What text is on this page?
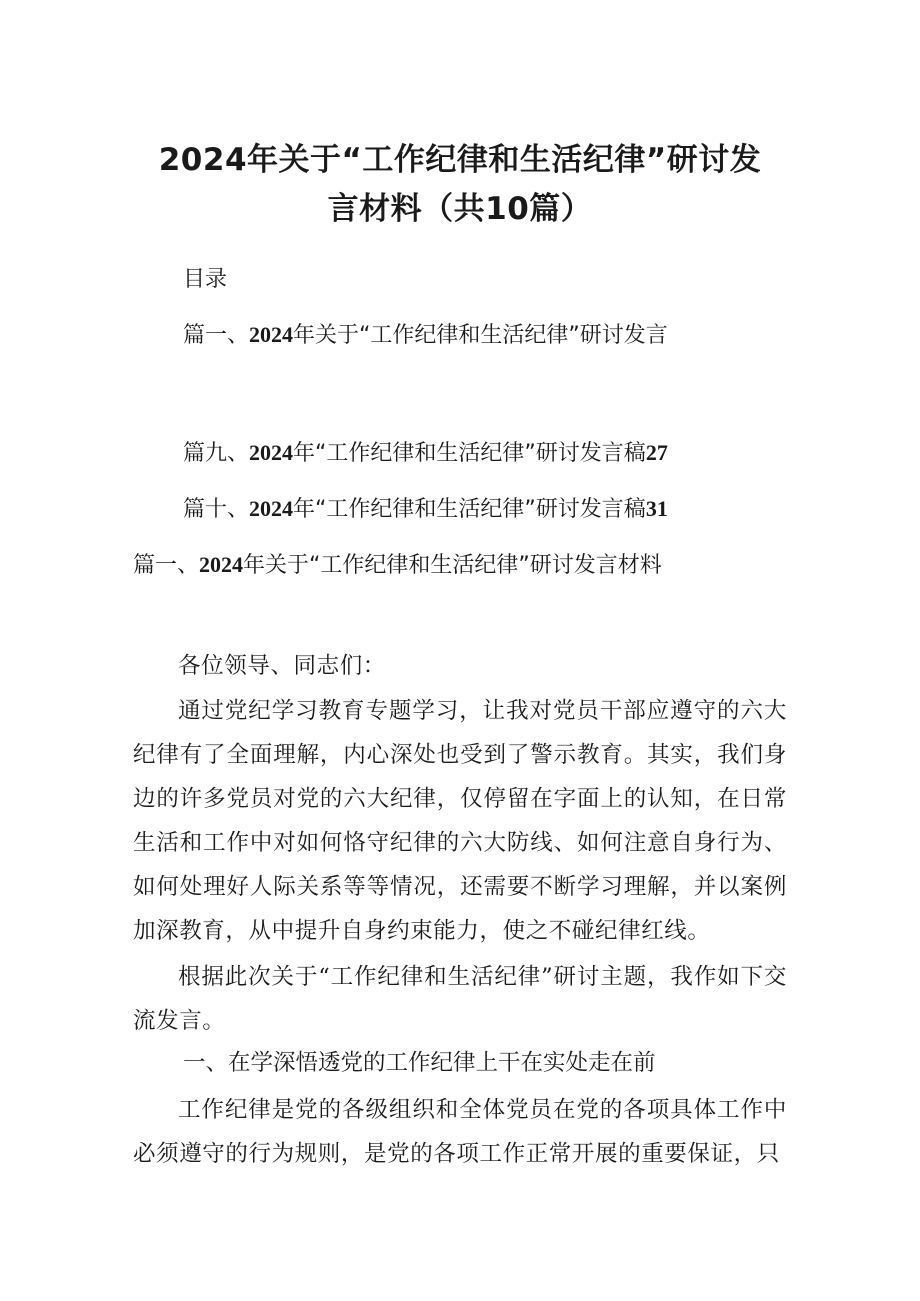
2024年关于“工作纪律和生活纪律”研讨发
言材料（共10篇）
目录
篇一、2024年关于“工作纪律和生活纪律”研讨发言
篇九、2024年“工作纪律和生活纪律”研讨发言稿27
篇十、2024年“工作纪律和生活纪律”研讨发言稿31
篇一、2024年关于“工作纪律和生活纪律”研讨发言材料

各位领导、同志们：

通过党纪学习教育专题学习，让我对党员干部应遵守的六大纪律有了全面理解，内心深处也受到了警示教育。其实，我们身边的许多党员对党的六大纪律，仅停留在字面上的认知，在日常生活和工作中对如何恪守纪律的六大防线、如何注意自身行为、如何处理好人际关系等等情况，还需要不断学习理解，并以案例加深教育，从中提升自身约束能力，使之不碰纪律红线。

根据此次关于“工作纪律和生活纪律”研讨主题，我作如下交流发言。

一、在学深悟透党的工作纪律上干在实处走在前

工作纪律是党的各级组织和全体党员在党的各项具体工作中必须遵守的行为规则，是党的各项工作正常开展的重要保证，只
